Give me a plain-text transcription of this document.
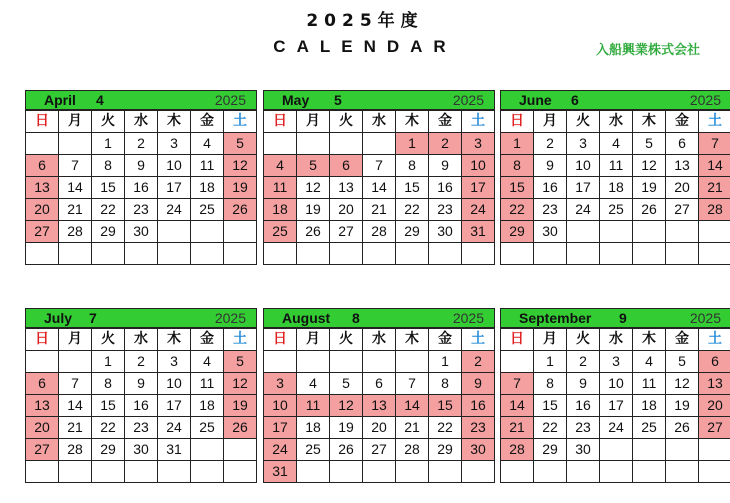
2025年度
CALENDAR	入船興業株式会社
April 4	2025
日	月	火	水	木	金	土
		1	2	3	4	5
6	7	8	9	10	11	12
13	14	15	16	17	18	19
20	21	22	23	24	25	26
27	28	29	30			

May 5	2025
日	月	火	水	木	金	土
				1	2	3
4	5	6	7	8	9	10
11	12	13	14	15	16	17
18	19	20	21	22	23	24
25	26	27	28	29	30	31

June 6	2025
日	月	火	水	木	金	土
1	2	3	4	5	6	7
8	9	10	11	12	13	14
15	16	17	18	19	20	21
22	23	24	25	26	27	28
29	30					

July 7	2025
日	月	火	水	木	金	土
		1	2	3	4	5
6	7	8	9	10	11	12
13	14	15	16	17	18	19
20	21	22	23	24	25	26
27	28	29	30	31		

August 8	2025
日	月	火	水	木	金	土
					1	2
3	4	5	6	7	8	9
10	11	12	13	14	15	16
17	18	19	20	21	22	23
24	25	26	27	28	29	30
31						
September 9	2025
日	月	火	水	木	金	土
	1	2	3	4	5	6
7	8	9	10	11	12	13
14	15	16	17	18	19	20
21	22	23	24	25	26	27
28	29	30				
